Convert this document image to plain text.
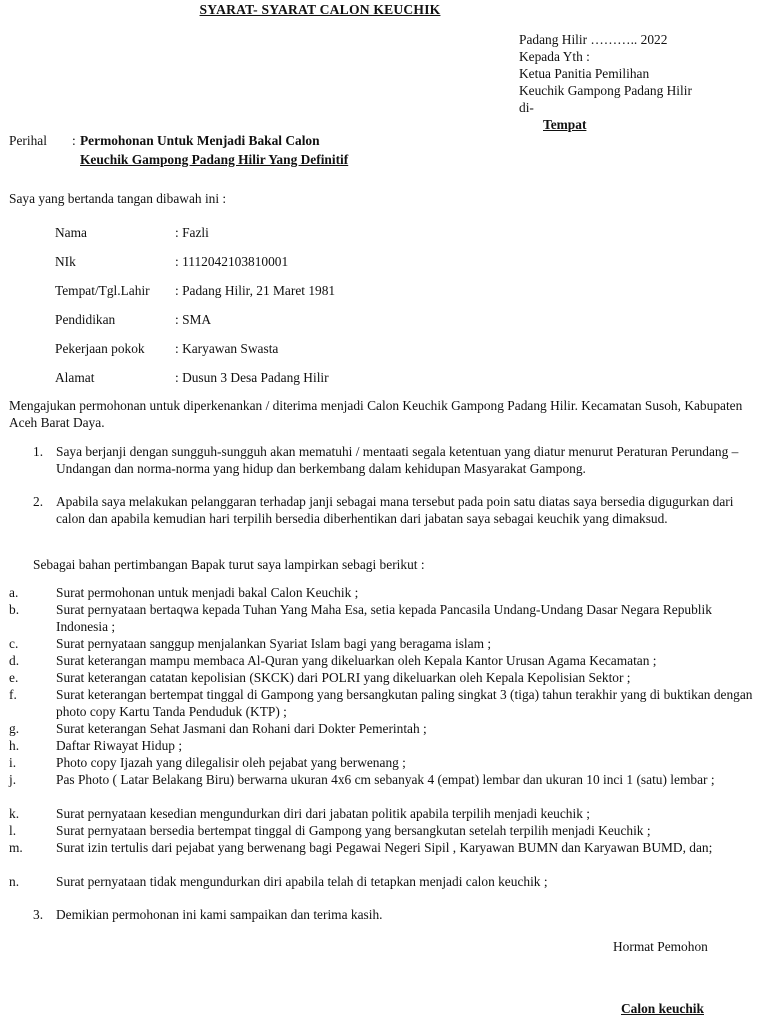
SYARAT- SYARAT CALON KEUCHIK
Padang Hilir ……….. 2022
Kepada Yth :
Ketua Panitia Pemilihan
Keuchik Gampong Padang Hilir
di-
Tempat
Perihal : Permohonan Untuk Menjadi Bakal Calon
Keuchik Gampong Padang Hilir Yang Definitif
Saya yang bertanda tangan dibawah ini :
Nama	: Fazli
NIk	: 1112042103810001
Tempat/Tgl.Lahir : Padang Hilir, 21 Maret 1981
Pendidikan	: SMA
Pekerjaan pokok : Karyawan Swasta
Alamat	: Dusun 3 Desa Padang Hilir
Mengajukan permohonan untuk diperkenankan / diterima menjadi Calon Keuchik Gampong Padang Hilir. Kecamatan Susoh, Kabupaten Aceh Barat Daya.
1. Saya berjanji dengan sungguh-sungguh akan mematuhi / mentaati segala ketentuan yang diatur menurut Peraturan Perundang – Undangan dan norma-norma yang hidup dan berkembang dalam kehidupan Masyarakat Gampong.
2. Apabila saya melakukan pelanggaran terhadap janji sebagai mana tersebut pada poin satu diatas saya bersedia digugurkan dari calon dan apabila kemudian hari terpilih bersedia diberhentikan dari jabatan saya sebagai keuchik yang dimaksud.
Sebagai bahan pertimbangan Bapak turut saya lampirkan sebagi berikut :
a.	Surat permohonan untuk menjadi bakal Calon Keuchik ;
b.	Surat pernyataan bertaqwa kepada Tuhan Yang Maha Esa, setia kepada Pancasila Undang-Undang Dasar Negara Republik Indonesia ;
c.	Surat pernyataan sanggup menjalankan Syariat Islam bagi yang beragama islam ;
d.	Surat keterangan mampu membaca Al-Quran yang dikeluarkan oleh Kepala Kantor Urusan Agama Kecamatan ;
e.	Surat keterangan catatan kepolisian (SKCK) dari POLRI yang dikeluarkan oleh Kepala Kepolisian Sektor ;
f.	Surat keterangan bertempat tinggal di Gampong yang bersangkutan paling singkat 3 (tiga) tahun terakhir yang di buktikan dengan photo copy Kartu Tanda Penduduk (KTP) ;
g.	Surat keterangan Sehat Jasmani dan Rohani dari Dokter Pemerintah ;
h.	Daftar Riwayat Hidup ;
i.	Photo copy Ijazah yang dilegalisir oleh pejabat yang berwenang ;
j.	Pas Photo ( Latar Belakang Biru) berwarna ukuran 4x6 cm sebanyak 4 (empat) lembar dan ukuran 10 inci 1 (satu) lembar ;
k.	Surat pernyataan kesedian mengundurkan diri dari jabatan politik apabila terpilih menjadi keuchik ;
l.	Surat pernyataan bersedia bertempat tinggal di Gampong yang bersangkutan setelah terpilih menjadi Keuchik ;
m. Surat izin tertulis dari pejabat yang berwenang bagi Pegawai Negeri Sipil , Karyawan BUMN dan Karyawan BUMD, dan;
n.	Surat pernyataan tidak mengundurkan diri apabila telah di tetapkan menjadi calon keuchik ;
3. Demikian permohonan ini kami sampaikan dan terima kasih.
Hormat Pemohon
Calon keuchik
